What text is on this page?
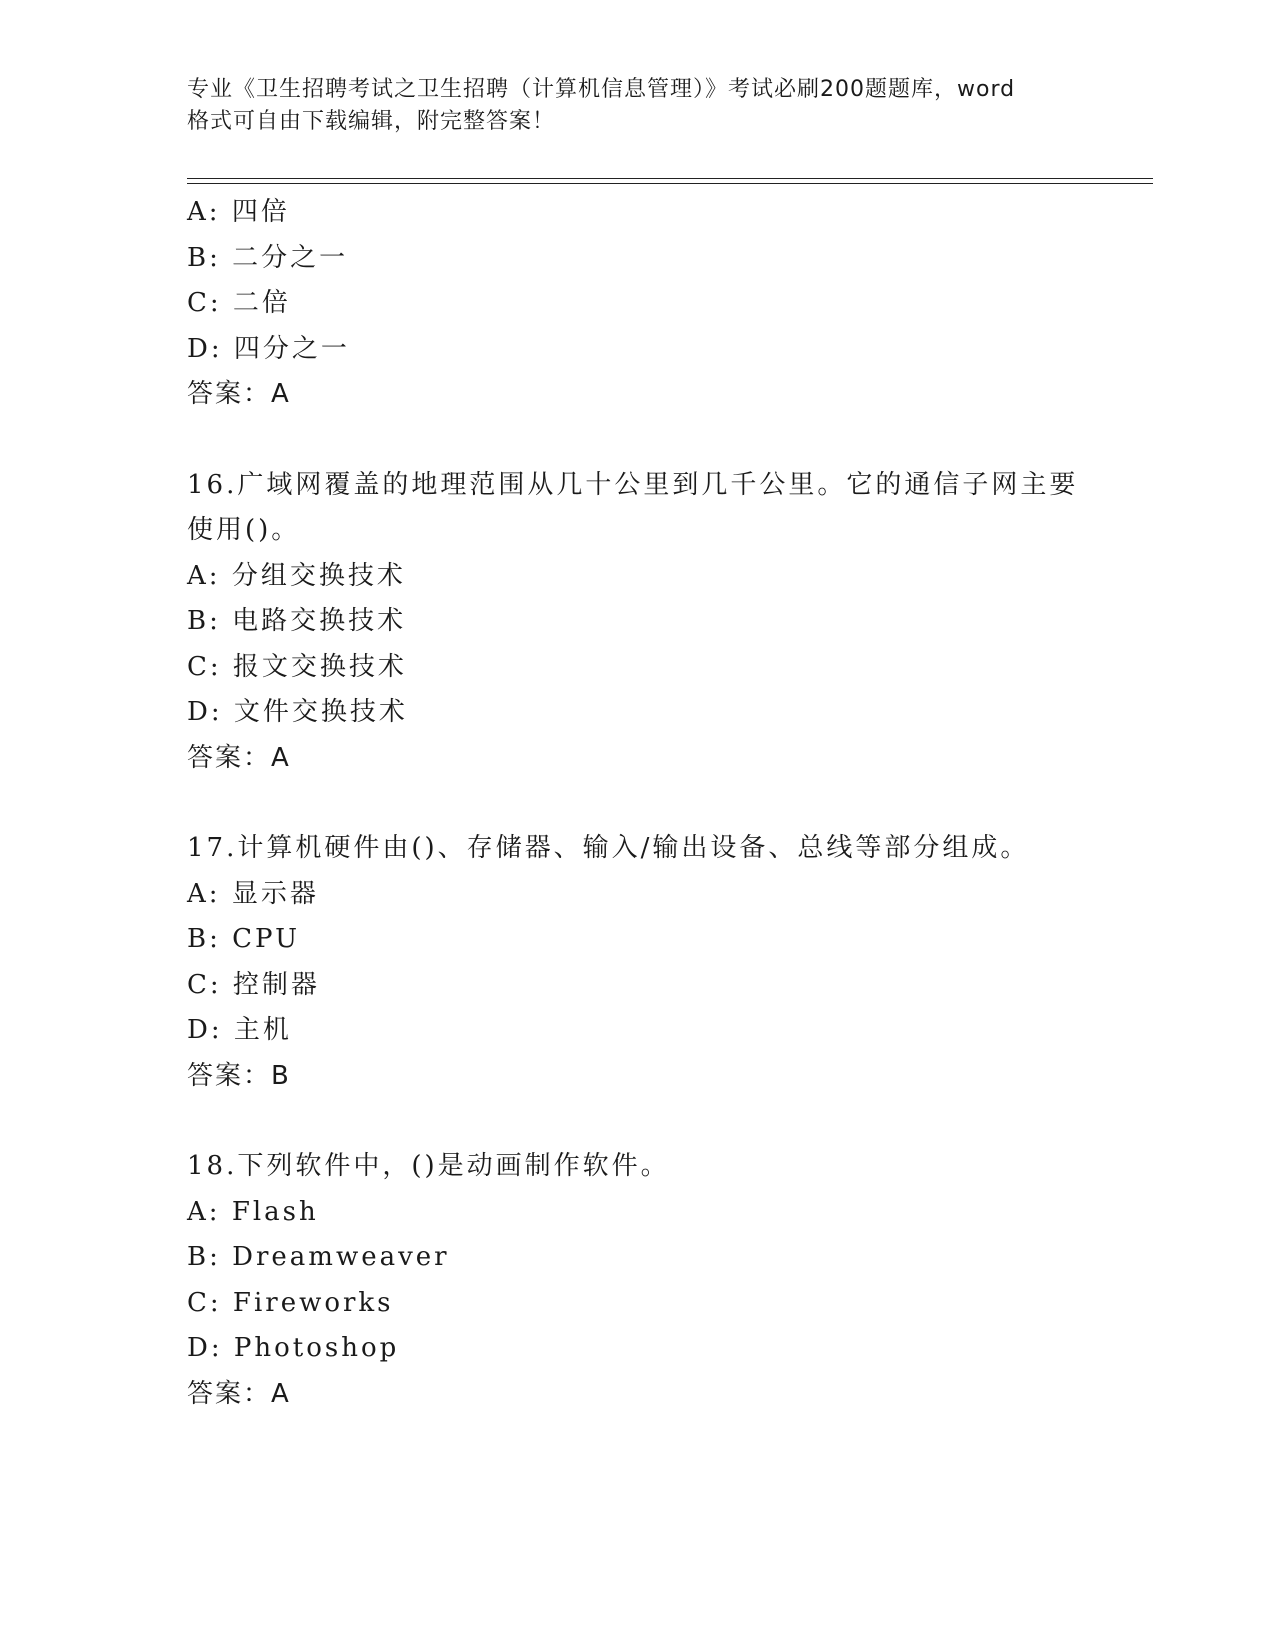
专业《卫生招聘考试之卫生招聘（计算机信息管理）》考试必刷200题题库，word
格式可自由下载编辑，附完整答案！
A: 四倍
B: 二分之一
C: 二倍
D: 四分之一
答案：A
16.广域网覆盖的地理范围从几十公里到几千公里。它的通信子网主要
使用()。
A: 分组交换技术
B: 电路交换技术
C: 报文交换技术
D: 文件交换技术
答案：A
17.计算机硬件由()、存储器、输入/输出设备、总线等部分组成。
A: 显示器
B: CPU
C: 控制器
D: 主机
答案：B
18.下列软件中，()是动画制作软件。
A: Flash
B: Dreamweaver
C: Fireworks
D: Photoshop
答案：A
